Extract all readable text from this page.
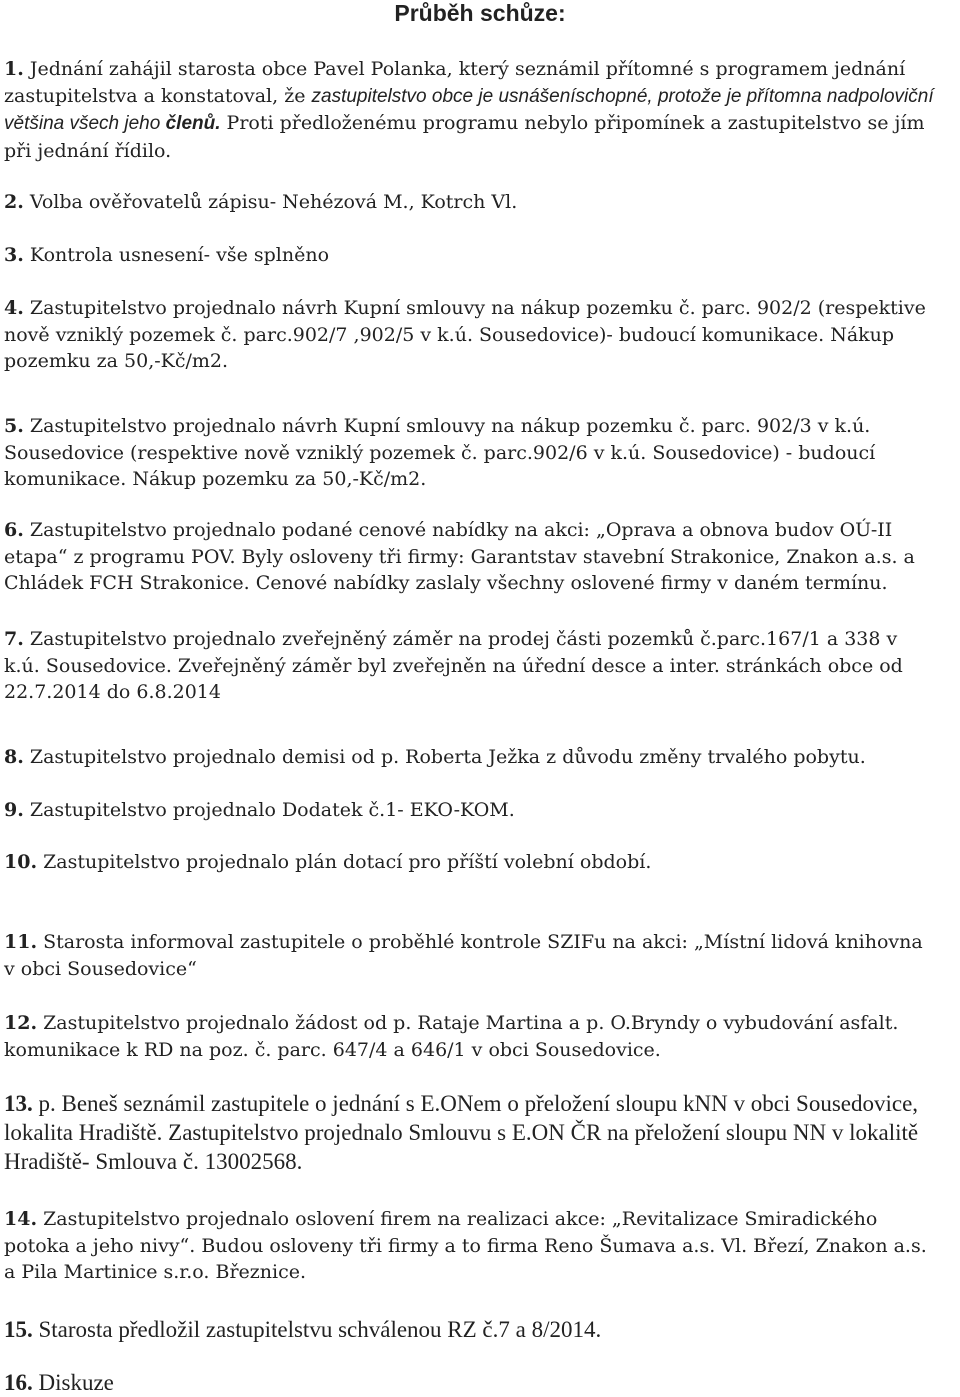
Průběh schůze:

1. Jednání zahájil starosta obce Pavel Polanka, který seznámil přítomné s programem jednání zastupitelstva a konstatoval, že zastupitelstvo obce je usnášeníschopné, protože je přítomna nadpoloviční většina všech jeho členů. Proti předloženému programu nebylo připomínek a zastupitelstvo se jím při jednání řídilo.

2. Volba ověřovatelů zápisu- Nehézová M., Kotrch Vl.

3. Kontrola usnesení- vše splněno

4. Zastupitelstvo projednalo návrh Kupní smlouvy na nákup pozemku č. parc. 902/2 (respektive nově vzniklý pozemek č. parc.902/7 ,902/5 v k.ú. Sousedovice)- budoucí komunikace. Nákup pozemku za 50,-Kč/m2.

5. Zastupitelstvo projednalo návrh Kupní smlouvy na nákup pozemku č. parc. 902/3 v k.ú. Sousedovice (respektive nově vzniklý pozemek č. parc.902/6 v k.ú. Sousedovice) - budoucí komunikace. Nákup pozemku za 50,-Kč/m2.

6. Zastupitelstvo projednalo podané cenové nabídky na akci: „Oprava a obnova budov OÚ-II etapa“ z programu POV. Byly osloveny tři firmy: Garantstav stavební Strakonice, Znakon a.s. a Chládek FCH Strakonice. Cenové nabídky zaslaly všechny oslovené firmy v daném termínu.

7. Zastupitelstvo projednalo zveřejněný záměr na prodej části pozemků č.parc.167/1 a 338 v k.ú. Sousedovice. Zveřejněný záměr byl zveřejněn na úřední desce a inter. stránkách obce od 22.7.2014 do 6.8.2014

8. Zastupitelstvo projednalo demisi od p. Roberta Ježka z důvodu změny trvalého pobytu.

9. Zastupitelstvo projednalo Dodatek č.1- EKO-KOM.

10. Zastupitelstvo projednalo plán dotací pro příští volební období.

11. Starosta informoval zastupitele o proběhlé kontrole SZIFu na akci: „Místní lidová knihovna v obci Sousedovice“

12. Zastupitelstvo projednalo žádost od p. Rataje Martina a p. O.Bryndy o vybudování asfalt. komunikace k RD na poz. č. parc. 647/4 a 646/1 v obci Sousedovice.

13. p. Beneš seznámil zastupitele o jednání s E.ONem o přeložení sloupu kNN v obci Sousedovice, lokalita Hradiště. Zastupitelstvo projednalo Smlouvu s E.ON ČR na přeložení sloupu NN v lokalitě Hradiště- Smlouva č. 13002568.

14. Zastupitelstvo projednalo oslovení firem na realizaci akce: „Revitalizace Smiradického potoka a jeho nivy“. Budou osloveny tři firmy a to firma Reno Šumava a.s. Vl. Březí, Znakon a.s. a Pila Martinice s.r.o. Březnice.

15. Starosta předložil zastupitelstvu schválenou RZ č.7 a 8/2014.

16. Diskuze
